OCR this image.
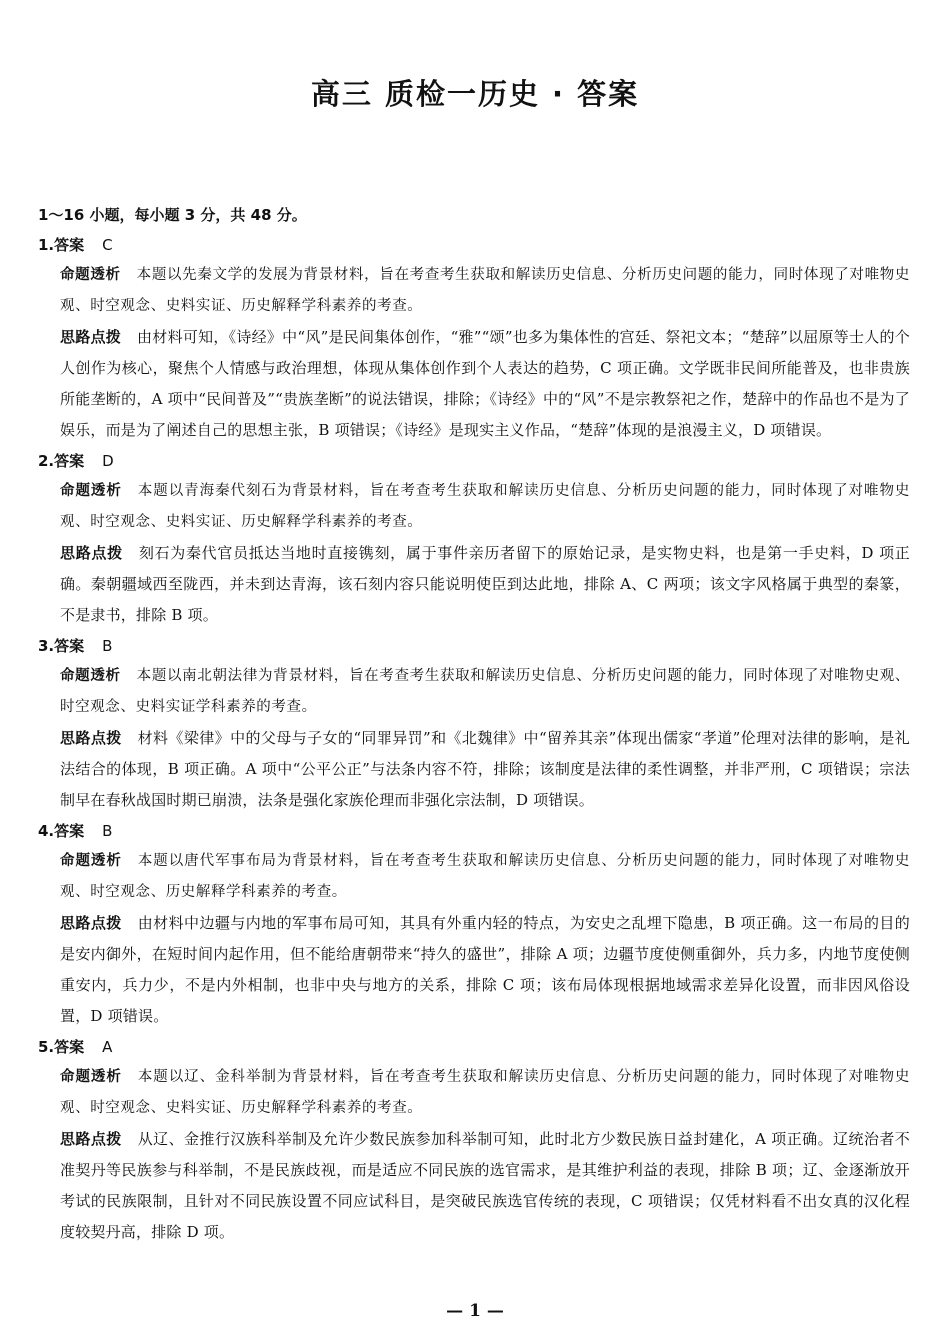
高三 质检一历史 · 答案
1～16 小题，每小题 3 分，共 48 分。
1.答案 C

命题透析 本题以先秦文学的发展为背景材料，旨在考查考生获取和解读历史信息、分析历史问题的能力，同时体现了对唯物史观、时空观念、史料实证、历史解释学科素养的考查。

思路点拨 由材料可知，《诗经》中“风”是民间集体创作，“雅”“颂”也多为集体性的宫廷、祭祀文本；“楚辞”以屈原等士人的个人创作为核心，聚焦个人情感与政治理想，体现从集体创作到个人表达的趋势，C 项正确。文学既非民间所能普及，也非贵族所能垄断的，A 项中“民间普及”“贵族垄断”的说法错误，排除；《诗经》中的“风”不是宗教祭祀之作，楚辞中的作品也不是为了娱乐，而是为了阐述自己的思想主张，B 项错误；《诗经》是现实主义作品，“楚辞”体现的是浪漫主义，D 项错误。

2.答案 D

命题透析 本题以青海秦代刻石为背景材料，旨在考查考生获取和解读历史信息、分析历史问题的能力，同时体现了对唯物史观、时空观念、史料实证、历史解释学科素养的考查。

思路点拨 刻石为秦代官员抵达当地时直接镌刻，属于事件亲历者留下的原始记录，是实物史料，也是第一手史料，D 项正确。秦朝疆域西至陇西，并未到达青海，该石刻内容只能说明使臣到达此地，排除 A、C 两项；该文字风格属于典型的秦篆，不是隶书，排除 B 项。

3.答案 B

命题透析 本题以南北朝法律为背景材料，旨在考查考生获取和解读历史信息、分析历史问题的能力，同时体现了对唯物史观、时空观念、史料实证学科素养的考查。

思路点拨 材料《梁律》中的父母与子女的“同罪异罚”和《北魏律》中“留养其亲”体现出儒家“孝道”伦理对法律的影响，是礼法结合的体现，B 项正确。A 项中“公平公正”与法条内容不符，排除；该制度是法律的柔性调整，并非严刑，C 项错误；宗法制早在春秋战国时期已崩溃，法条是强化家族伦理而非强化宗法制，D 项错误。

4.答案 B

命题透析 本题以唐代军事布局为背景材料，旨在考查考生获取和解读历史信息、分析历史问题的能力，同时体现了对唯物史观、时空观念、历史解释学科素养的考查。

思路点拨 由材料中边疆与内地的军事布局可知，其具有外重内轻的特点，为安史之乱埋下隐患，B 项正确。这一布局的目的是安内御外，在短时间内起作用，但不能给唐朝带来“持久的盛世”，排除 A 项；边疆节度使侧重御外，兵力多，内地节度使侧重安内，兵力少，不是内外相制，也非中央与地方的关系，排除 C 项；该布局体现根据地域需求差异化设置，而非因风俗设置，D 项错误。

5.答案 A

命题透析 本题以辽、金科举制为背景材料，旨在考查考生获取和解读历史信息、分析历史问题的能力，同时体现了对唯物史观、时空观念、史料实证、历史解释学科素养的考查。

思路点拨 从辽、金推行汉族科举制及允许少数民族参加科举制可知，此时北方少数民族日益封建化，A 项正确。辽统治者不准契丹等民族参与科举制，不是民族歧视，而是适应不同民族的选官需求，是其维护利益的表现，排除 B 项；辽、金逐渐放开考试的民族限制，且针对不同民族设置不同应试科目，是突破民族选官传统的表现，C 项错误；仅凭材料看不出女真的汉化程度较契丹高，排除 D 项。

— 1 —
